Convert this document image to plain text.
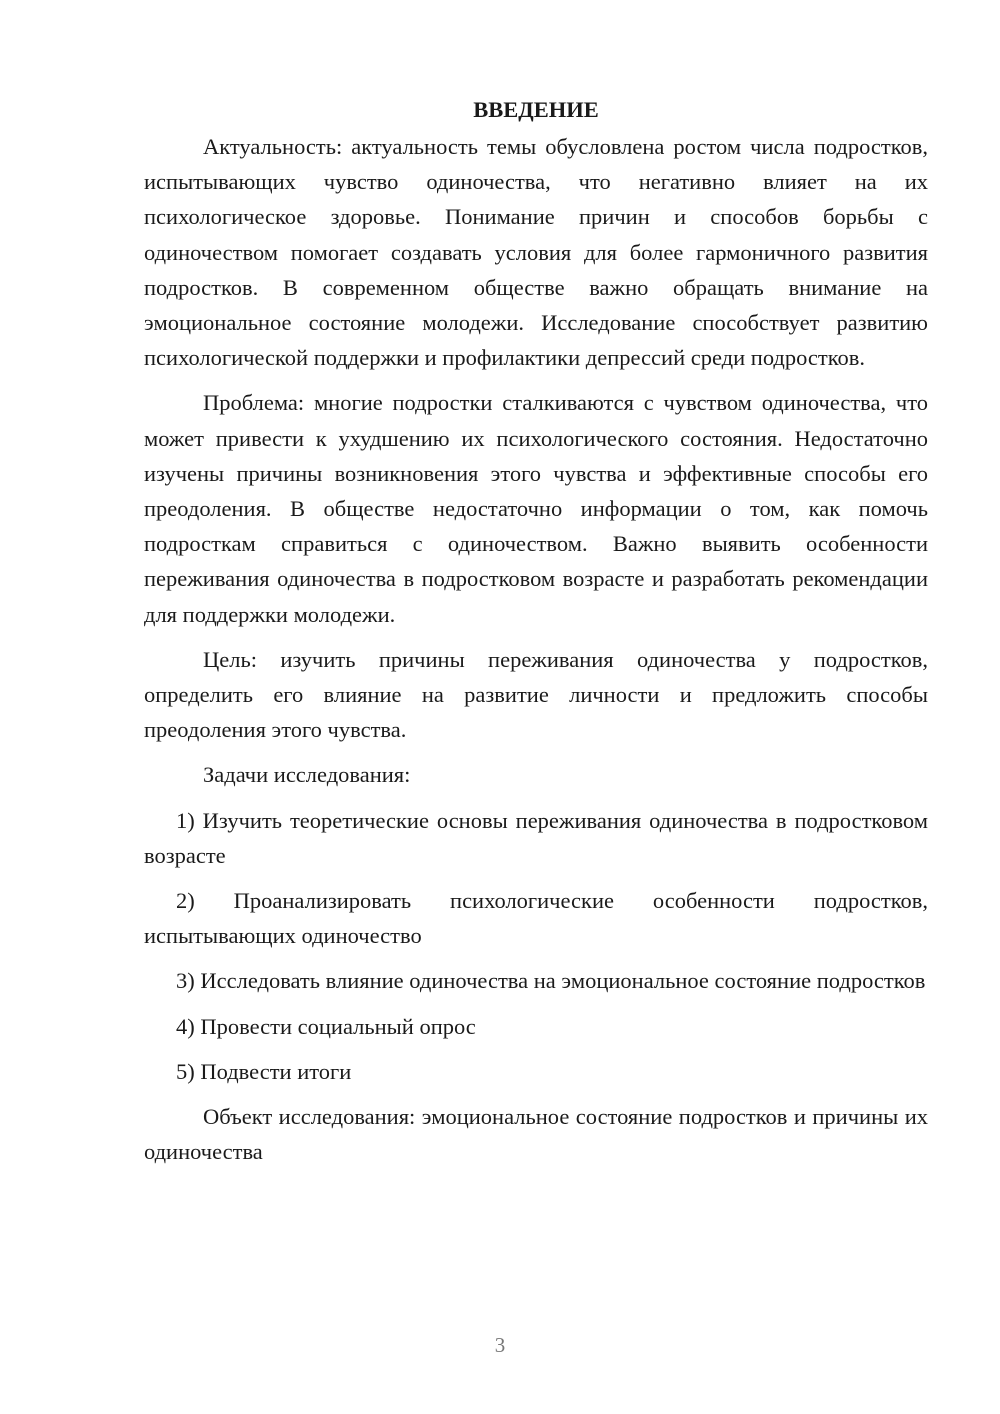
ВВЕДЕНИЕ

Актуальность: актуальность темы обусловлена ростом числа подростков, испытывающих чувство одиночества, что негативно влияет на их психологическое здоровье. Понимание причин и способов борьбы с одиночеством помогает создавать условия для более гармоничного развития подростков. В современном обществе важно обращать внимание на эмоциональное состояние молодежи. Исследование способствует развитию психологической поддержки и профилактики депрессий среди подростков.

Проблема: многие подростки сталкиваются с чувством одиночества, что может привести к ухудшению их психологического состояния. Недостаточно изучены причины возникновения этого чувства и эффективные способы его преодоления. В обществе недостаточно информации о том, как помочь подросткам справиться с одиночеством. Важно выявить особенности переживания одиночества в подростковом возрасте и разработать рекомендации для поддержки молодежи.

Цель: изучить причины переживания одиночества у подростков, определить его влияние на развитие личности и предложить способы преодоления этого чувства.

Задачи исследования:

1) Изучить теоретические основы переживания одиночества в подростковом возрасте

2) Проанализировать психологические особенности подростков, испытывающих одиночество

3) Исследовать влияние одиночества на эмоциональное состояние подростков

4) Провести социальный опрос

5) Подвести итоги

Объект исследования: эмоциональное состояние подростков и причины их одиночества

3
